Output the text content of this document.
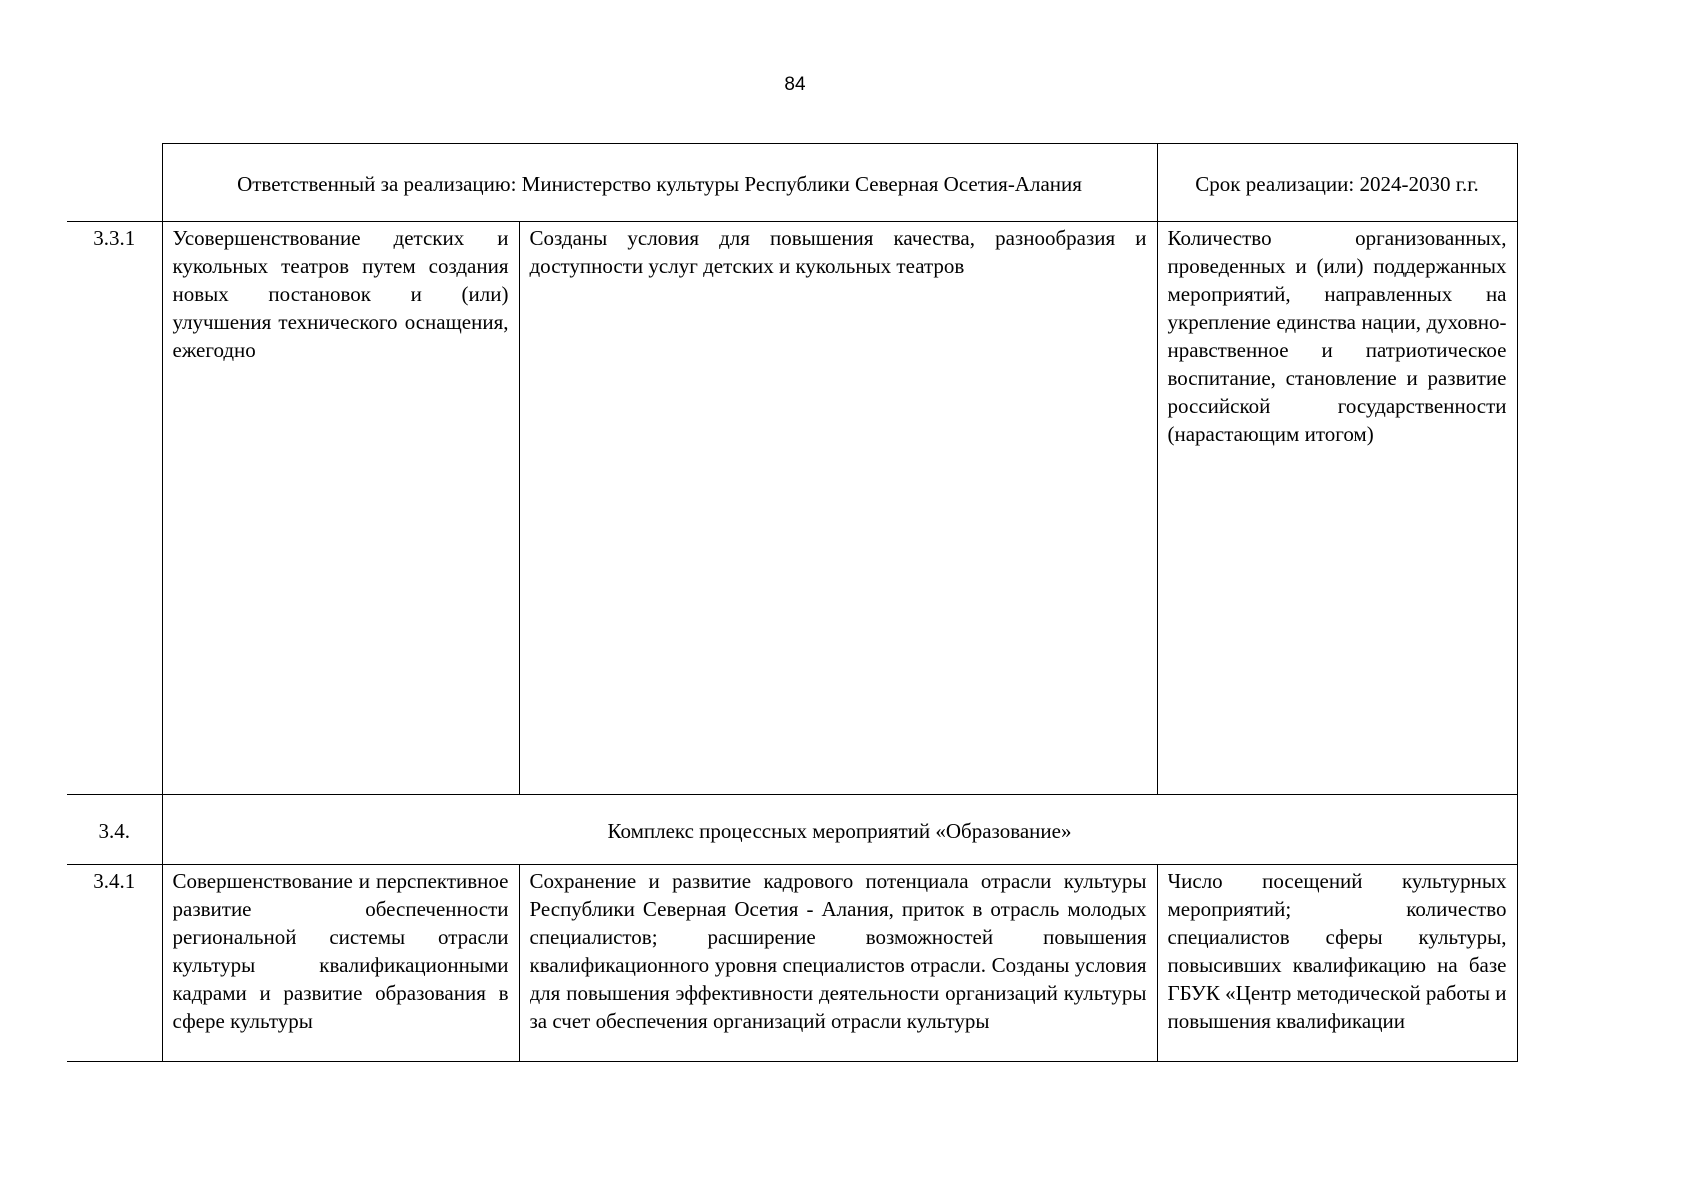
84
	Ответственный за реализацию: Министерство культуры Республики Северная Осетия-Алания		Срок реализации: 2024-2030 г.г.
3.3.1	Усовершенствование детских и кукольных театров путем создания новых постановок и (или) улучшения технического оснащения, ежегодно	Созданы условия для повышения качества, разнообразия и доступности услуг детских и кукольных театров	Количество организованных, проведенных и (или) поддержанных мероприятий, направленных на укрепление единства нации, духовно-нравственное и патриотическое воспитание, становление и развитие российской государственности (нарастающим итогом)
3.4.	Комплекс процессных мероприятий «Образование»		
3.4.1	Совершенствование и перспективное развитие обеспеченности региональной системы отрасли культуры квалификационными кадрами и развитие образования в сфере культуры	Сохранение и развитие кадрового потенциала отрасли культуры Республики Северная Осетия - Алания, приток в отрасль молодых специалистов; расширение возможностей повышения квалификационного уровня специалистов отрасли. Созданы условия для повышения эффективности деятельности организаций культуры за счет обеспечения организаций отрасли культуры	Число посещений культурных мероприятий; количество специалистов сферы культуры, повысивших квалификацию на базе ГБУК «Центр методической работы и повышения квалификации
